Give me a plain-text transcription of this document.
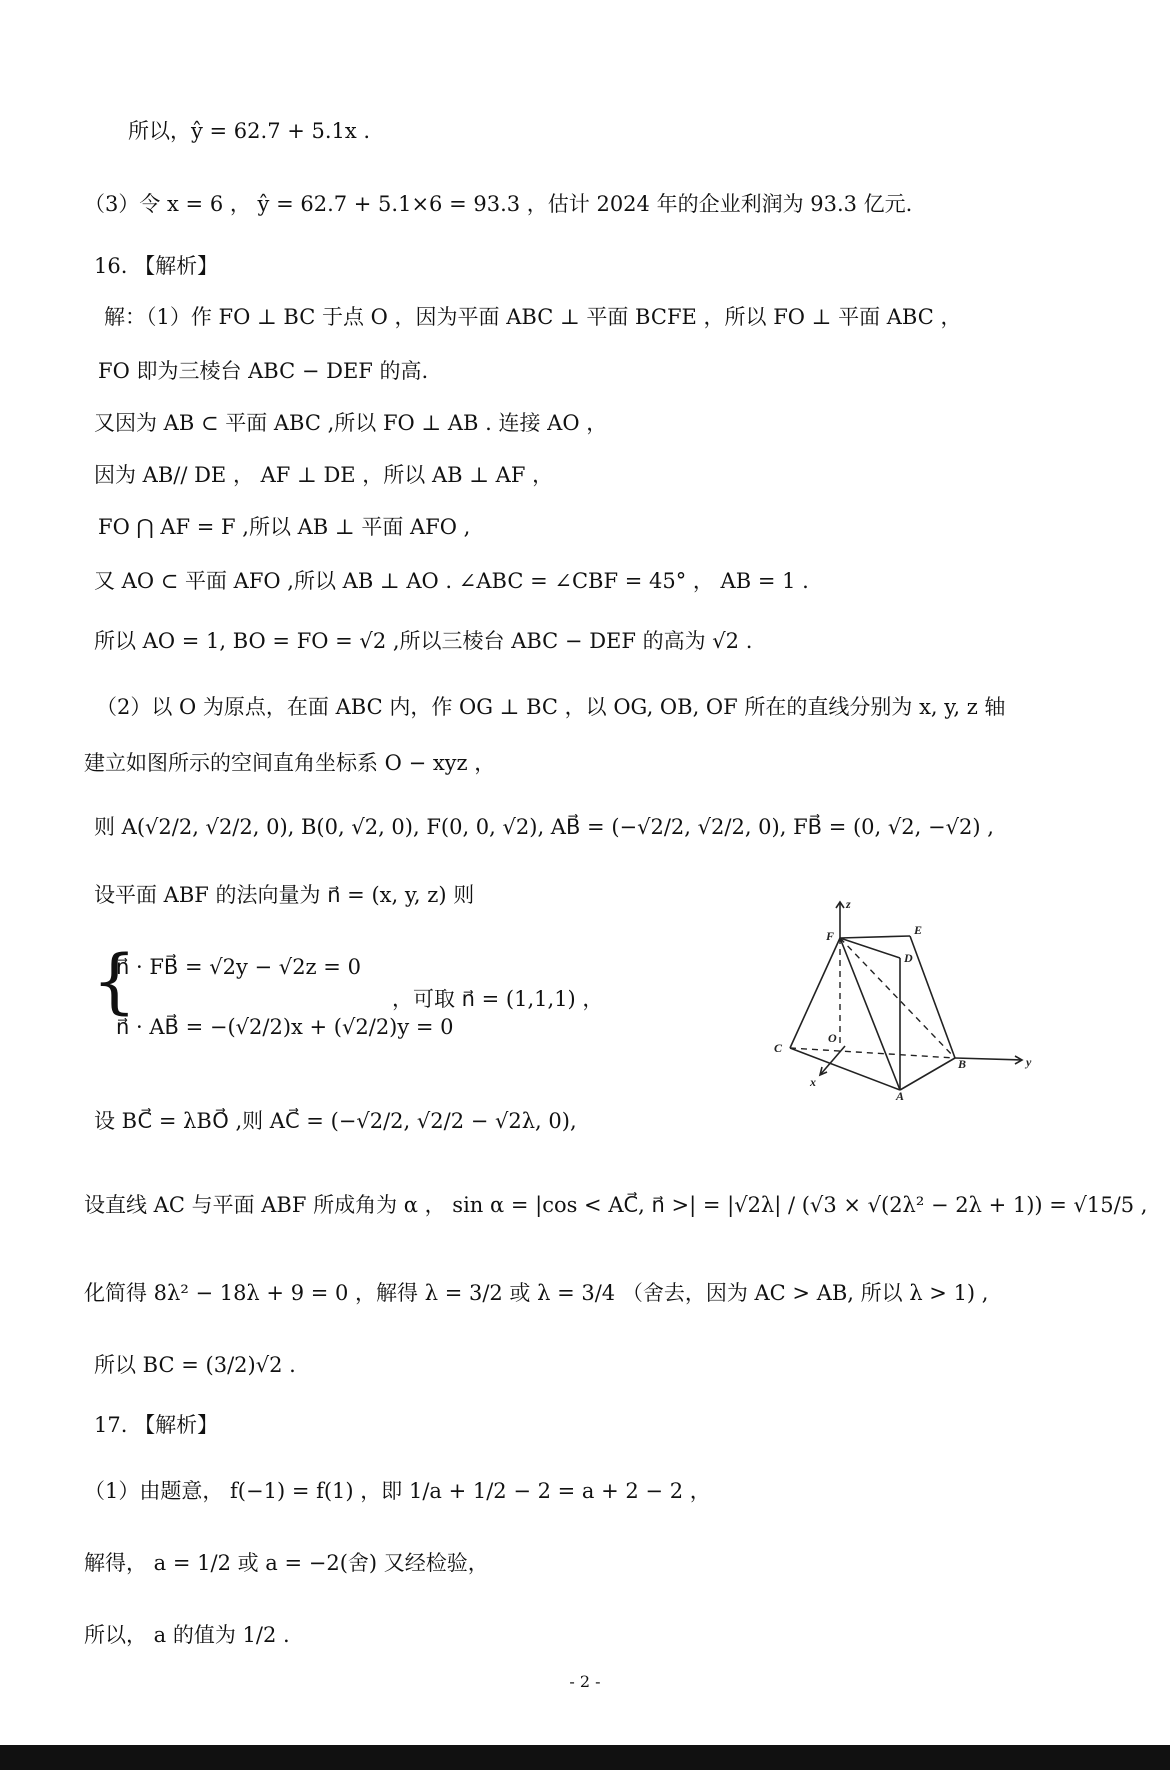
所以，ŷ = 62.7 + 5.1x .
（3）令 x = 6 ， ŷ = 62.7 + 5.1×6 = 93.3 ，估计 2024 年的企业利润为 93.3 亿元.
16. 【解析】
解：（1）作 FO ⊥ BC 于点 O ，因为平面 ABC ⊥ 平面 BCFE ，所以 FO ⊥ 平面 ABC ，
FO 即为三棱台 ABC − DEF 的高.
又因为 AB ⊂ 平面 ABC ,所以 FO ⊥ AB . 连接 AO ，
因为 AB// DE ， AF ⊥ DE ，所以 AB ⊥ AF ，
FO ⋂ AF = F ,所以 AB ⊥ 平面 AFO ,
又 AO ⊂ 平面 AFO ,所以 AB ⊥ AO . ∠ABC = ∠CBF = 45° ， AB = 1 .
所以 AO = 1, BO = FO = √2 ,所以三棱台 ABC − DEF 的高为 √2 .
（2）以 O 为原点，在面 ABC 内，作 OG ⊥ BC ，以 OG, OB, OF 所在的直线分别为 x, y, z 轴
建立如图所示的空间直角坐标系 O − xyz ，
则 A(√2/2, √2/2, 0), B(0, √2, 0), F(0, 0, √2), AB⃗ = (−√2/2, √2/2, 0), FB⃗ = (0, √2, −√2) ,
设平面 ABF 的法向量为 n⃗ = (x, y, z) 则
{
n⃗ · FB⃗ = √2y − √2z = 0
n⃗ · AB⃗ = −(√2/2)x + (√2/2)y = 0
，可取 n⃗ = (1,1,1) ，
设 BC⃗ = λBO⃗ ,则 AC⃗ = (−√2/2, √2/2 − √2λ, 0),
设直线 AC 与平面 ABF 所成角为 α ， sin α = |cos < AC⃗, n⃗ >| = |√2λ| / (√3 × √(2λ² − 2λ + 1)) = √15/5 ,
化简得 8λ² − 18λ + 9 = 0 ，解得 λ = 3/2 或 λ = 3/4 （舍去，因为 AC > AB, 所以 λ > 1) ,
所以 BC = (3/2)√2 .
17. 【解析】
（1）由题意， f(−1) = f(1) ，即 1/a + 1/2 − 2 = a + 2 − 2 ，
解得， a = 1/2 或 a = −2(舍) 又经检验，
所以， a 的值为 1/2 .
z
F	E
D
O
C
B	y
x
A
- 2 -
